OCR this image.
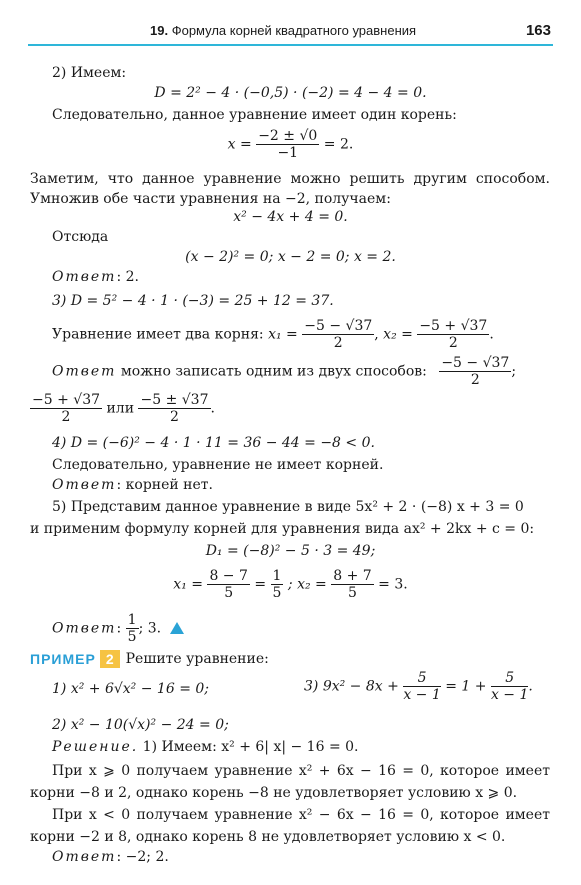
19. Формула корней квадратного уравнения	163
2) Имеем:
D = 2² − 4 · (−0,5) · (−2) = 4 − 4 = 0.
Следовательно, данное уравнение имеет один корень:
$x = \frac{-2 \pm √0}{-1} = 2$.
Заметим, что данное уравнение можно решить другим способом.
Умножив обе части уравнения на −2, получаем:
x² − 4x + 4 = 0.
Отсюда
(x − 2)² = 0; x − 2 = 0; x = 2.
Ответ: 2.
3) D = 5² − 4 · 1 · (−3) = 25 + 12 = 37.
Уравнение имеет два корня: $x_1 = \frac{-5 - √37}{2}$ , $x_2 = \frac{-5 + √37}{2}$ .
Ответ можно записать одним из двух способов: $\frac{-5 - √37}{2}$ ;
$\frac{-5 + √37}{2}$ или $\frac{-5 \pm √37}{2}$ .
4) D = (−6)² − 4 · 1 · 11 = 36 − 44 = −8 < 0.
Следовательно, уравнение не имеет корней.
Ответ: корней нет.
5) Представим данное уравнение в виде 5x² + 2 · (−8) x + 3 = 0
и применим формулу корней для уравнения вида ax² + 2kx + c = 0:
D₁ = (−8)² − 5 · 3 = 49;
$x_1 = \frac{8 - 7}{5} = \frac{1}{5}$ ; $x_2 = \frac{8 + 7}{5} = 3$.
Ответ: $\frac{1}{5}$ ; 3.
ПРИМЕР 2 Решите уравнение:
1) x² + 6√x² − 16 = 0;	3) $9x^2 - 8x + \frac{5}{x - 1} = 1 + \frac{5}{x - 1}$ .
2) x² − 10(√x)² − 24 = 0;
Решение. 1) Имеем: x² + 6| x| − 16 = 0.
При x ⩾ 0 получаем уравнение x² + 6x − 16 = 0, которое имеет
корни −8 и 2, однако корень −8 не удовлетворяет условию x ⩾ 0.
При x < 0 получаем уравнение x² − 6x − 16 = 0, которое имеет
корни −2 и 8, однако корень 8 не удовлетворяет условию x < 0.
Ответ: −2; 2.
